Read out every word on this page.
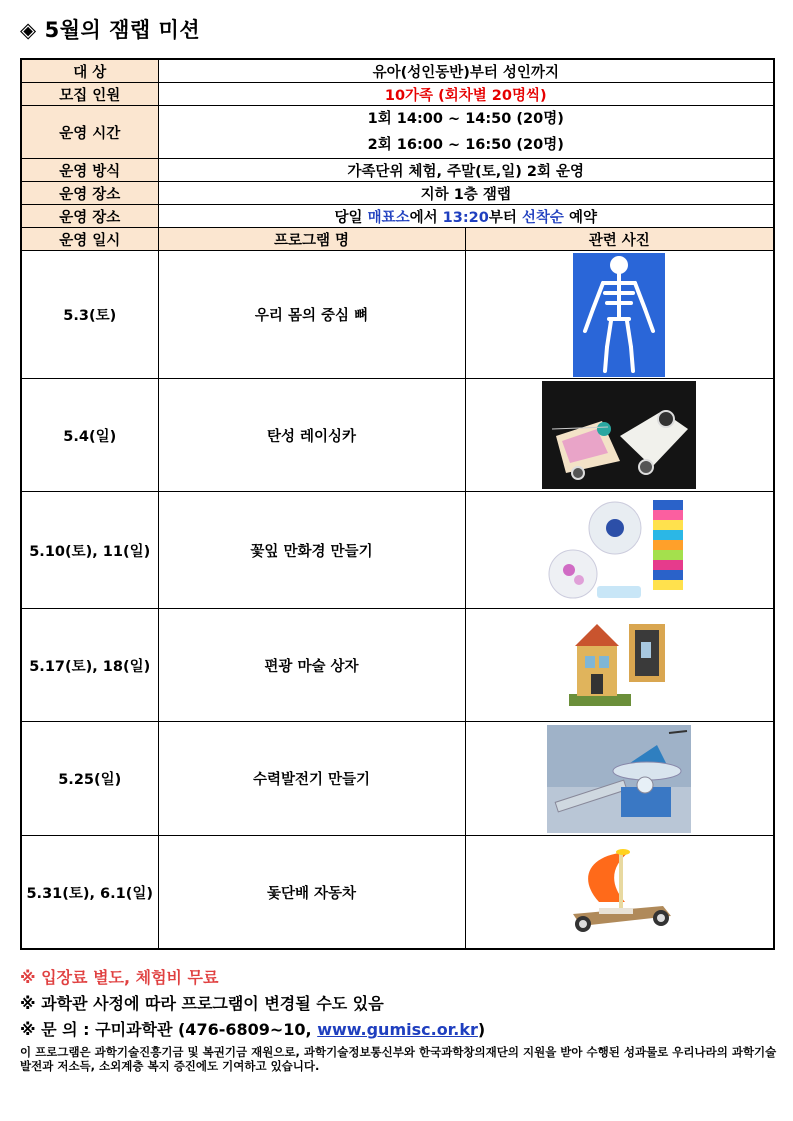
◈ 5월의 잼랩 미션
대 상	유아(성인동반)부터 성인까지	
모집 인원	10가족 (회차별 20명씩)	
운영 시간	1회 14:00 ~ 14:50 (20명)
2회 16:00 ~ 16:50 (20명)	

운영 방식	가족단위 체험, 주말(토,일) 2회 운영	
운영 장소	지하 1층 잼랩	
운영 장소	당일 매표소에서 13:20부터 선착순 예약	
운영 일시	프로그램 명	관련 사진
5.3(토)	우리 몸의 중심 뼈	
5.4(일)	탄성 레이싱카	
5.10(토), 11(일)	꽃잎 만화경 만들기	
5.17(토), 18(일)	편광 마술 상자	
5.25(일)	수력발전기 만들기	
5.31(토), 6.1(일)	돛단배 자동차	
※ 입장료 별도, 체험비 무료
※ 과학관 사정에 따라 프로그램이 변경될 수도 있음
※ 문 의 : 구미과학관 (476-6809~10, www.gumisc.or.kr)
이 프로그램은 과학기술진흥기금 및 복권기금 재원으로, 과학기술정보통신부와 한국과학창의재단의 지원을 받아 수행된 성과물로 우리나라의 과학기술 발전과 저소득, 소외계층 복지 증진에도 기여하고 있습니다.
